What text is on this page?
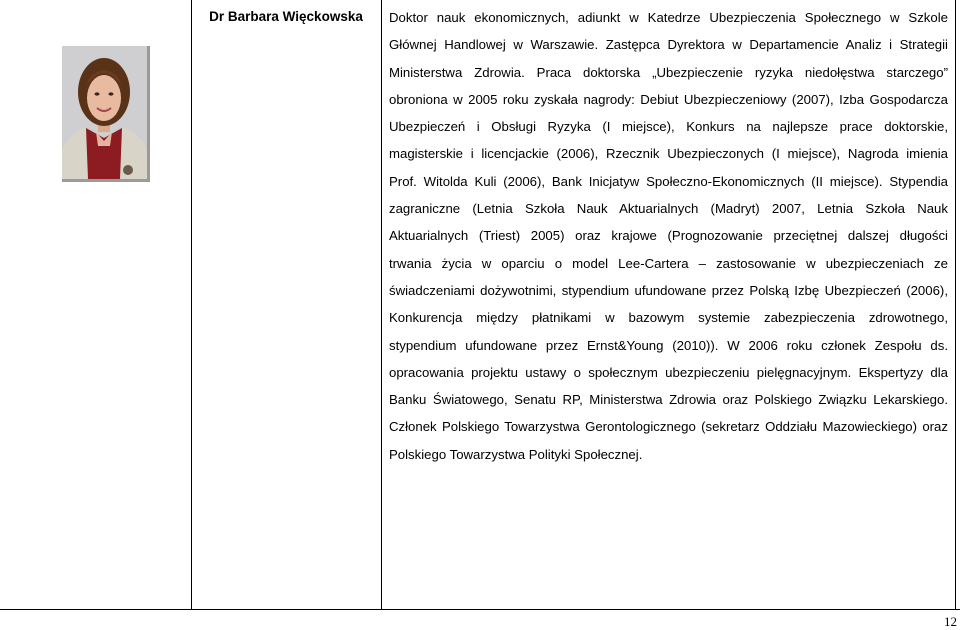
Dr Barbara Więckowska	Doktor nauk ekonomicznych, adiunkt w Katedrze Ubezpieczenia Społecznego w Szkole
Głównej Handlowej w Warszawie. Zastępca Dyrektora w Departamencie Analiz i Strategii
Ministerstwa Zdrowia. Praca doktorska „Ubezpieczenie ryzyka niedołęstwa starczego”
obroniona w 2005 roku zyskała nagrody: Debiut Ubezpieczeniowy (2007), Izba Gospodarcza
Ubezpieczeń i Obsługi Ryzyka (I miejsce), Konkurs na najlepsze prace doktorskie,
magisterskie i licencjackie (2006), Rzecznik Ubezpieczonych (I miejsce), Nagroda imienia
Prof. Witolda Kuli (2006), Bank Inicjatyw Społeczno-Ekonomicznych (II miejsce). Stypendia
zagraniczne (Letnia Szkoła Nauk Aktuarialnych (Madryt) 2007, Letnia Szkoła Nauk
Aktuarialnych (Triest) 2005) oraz krajowe (Prognozowanie przeciętnej dalszej długości
trwania życia w oparciu o model Lee-Cartera – zastosowanie w ubezpieczeniach ze
świadczeniami dożywotnimi, stypendium ufundowane przez Polską Izbę Ubezpieczeń (2006),
Konkurencja między płatnikami w bazowym systemie zabezpieczenia zdrowotnego,
stypendium ufundowane przez Ernst&Young (2010)). W 2006 roku członek Zespołu ds.
opracowania projektu ustawy o społecznym ubezpieczeniu pielęgnacyjnym. Ekspertyzy dla
Banku Światowego, Senatu RP, Ministerstwa Zdrowia oraz Polskiego Związku Lekarskiego.
Członek Polskiego Towarzystwa Gerontologicznego (sekretarz Oddziału Mazowieckiego) oraz
Polskiego Towarzystwa Polityki Społecznej.
12
